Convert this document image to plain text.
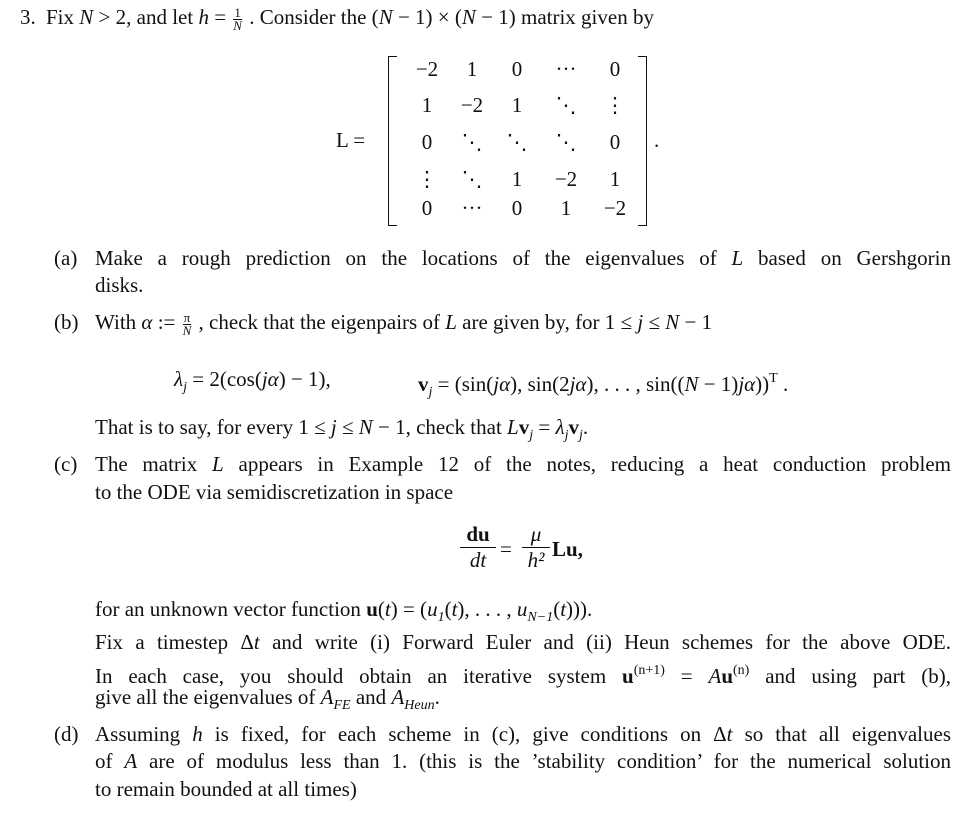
3. Fix N > 2, and let $h = \frac{1}{N}$ . Consider the (N − 1) × (N − 1) matrix given by
L =
−2	1	0	···	0
1	−2	1	⋱	⋮
0	⋱	⋱	⋱	0
⋮	⋱	1	−2	1
0	···	0	1	−2
.
(a) Make a rough prediction on the locations of the eigenvalues of L based on Gershgorin
disks.
(b) With α := $\frac{\pi}{N}$ , check that the eigenpairs of L are given by, for 1 ≤ j ≤ N − 1
$\lambda_j = 2(\cos(j\alpha) - 1)$,	$v_j = (\sin(j\alpha)$, sin(2jα), . . . , sin((N − 1)jα))$^T$ .
That is to say, for every 1 ≤ j ≤ N − 1, check that $Lv_j = \lambda_jv_j$.
(c) The matrix L appears in Example 12 of the notes, reducing a heat conduction problem
to the ODE via semidiscretization in space
$\frac{du}{dt} = \frac{\mu}{\text{h²}} Lu$,
for an unknown vector function $u(t) = (u_1(t)$, . . . , $u_{N-1}(t)$)).
Fix a timestep Δt and write (i) Forward Euler and (ii) Heun schemes for the above ODE.
In each case, you should obtain an iterative system $u^{(n+1)} = Au^{(n)}$ and using part (b),
give all the eigenvalues of $A_{FE}$ and $A_{Heun}$.
(d) Assuming h is fixed, for each scheme in (c), give conditions on Δt so that all eigenvalues
of A are of modulus less than 1. (this is the ’stability condition’ for the numerical solution
to remain bounded at all times)
